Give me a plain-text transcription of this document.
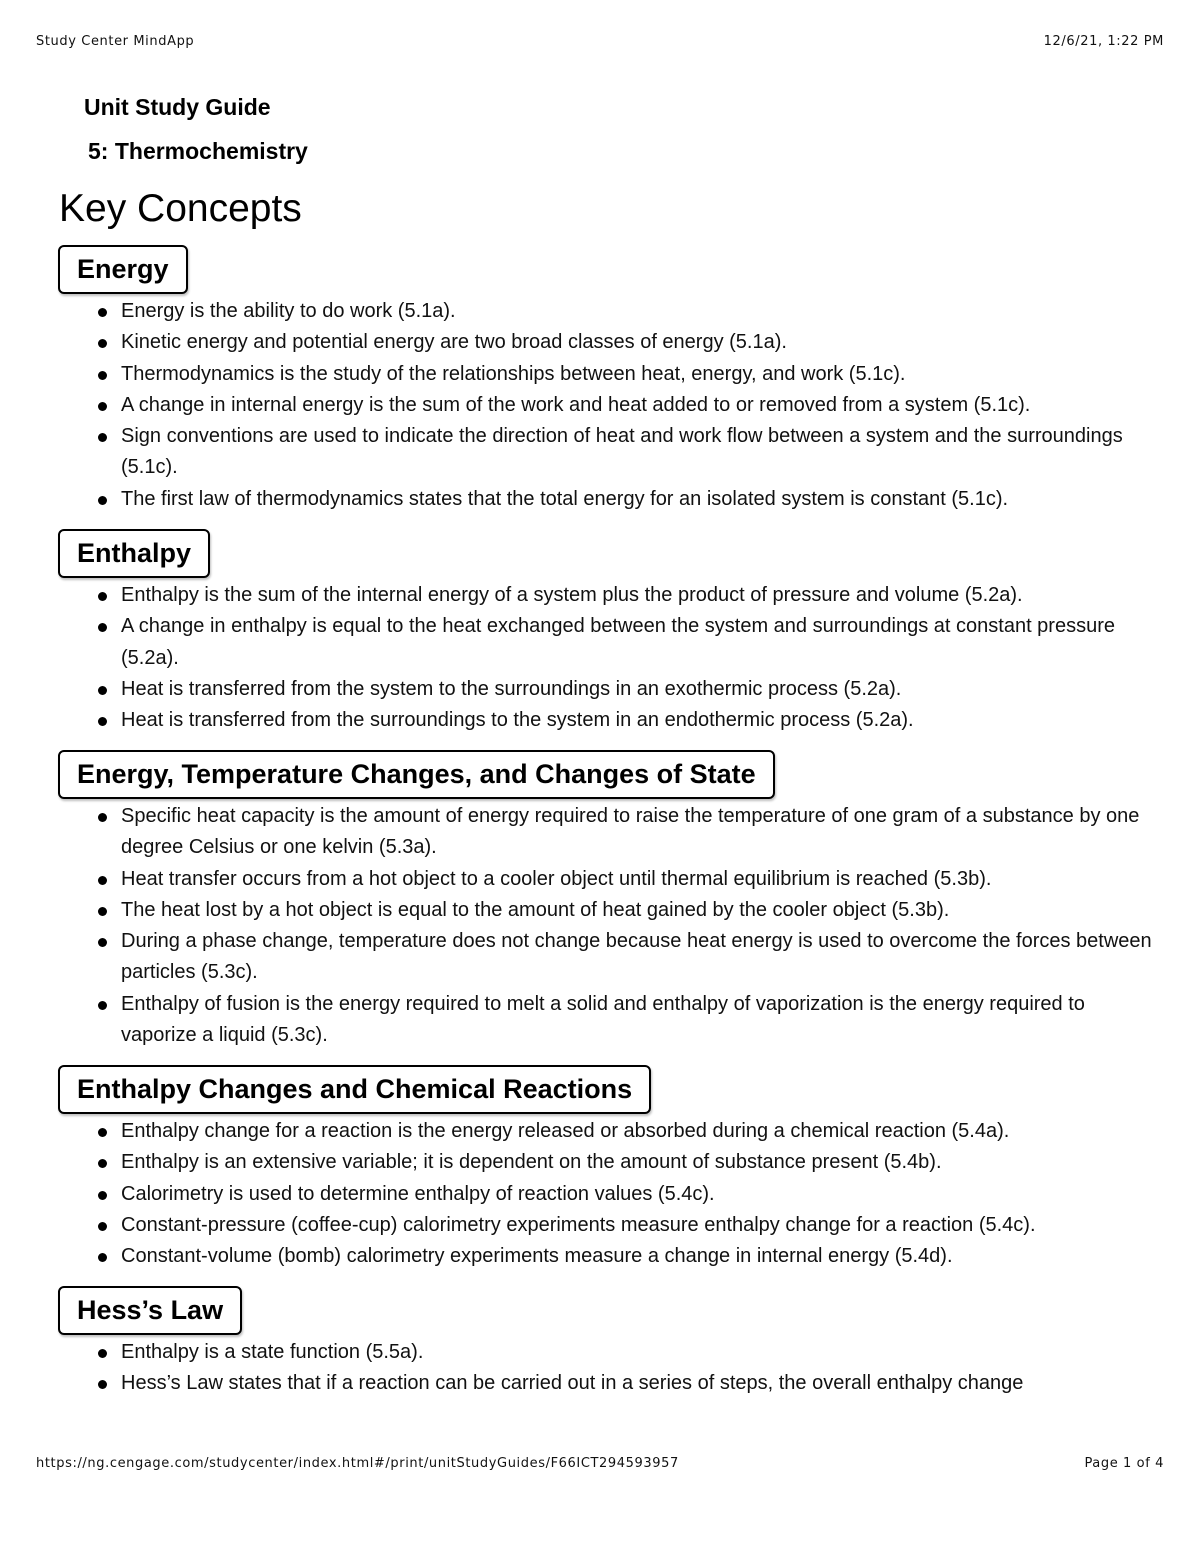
Study Center MindApp	12/6/21, 1:22 PM
Unit Study Guide
5: Thermochemistry
Key Concepts
Energy
Energy is the ability to do work (5.1a).
Kinetic energy and potential energy are two broad classes of energy (5.1a).
Thermodynamics is the study of the relationships between heat, energy, and work (5.1c).
A change in internal energy is the sum of the work and heat added to or removed from a system (5.1c).
Sign conventions are used to indicate the direction of heat and work flow between a system and the surroundings (5.1c).
The first law of thermodynamics states that the total energy for an isolated system is constant (5.1c).
Enthalpy
Enthalpy is the sum of the internal energy of a system plus the product of pressure and volume (5.2a).
A change in enthalpy is equal to the heat exchanged between the system and surroundings at constant pressure (5.2a).
Heat is transferred from the system to the surroundings in an exothermic process (5.2a).
Heat is transferred from the surroundings to the system in an endothermic process (5.2a).
Energy, Temperature Changes, and Changes of State
Specific heat capacity is the amount of energy required to raise the temperature of one gram of a substance by one degree Celsius or one kelvin (5.3a).
Heat transfer occurs from a hot object to a cooler object until thermal equilibrium is reached (5.3b).
The heat lost by a hot object is equal to the amount of heat gained by the cooler object (5.3b).
During a phase change, temperature does not change because heat energy is used to overcome the forces between particles (5.3c).
Enthalpy of fusion is the energy required to melt a solid and enthalpy of vaporization is the energy required to vaporize a liquid (5.3c).
Enthalpy Changes and Chemical Reactions
Enthalpy change for a reaction is the energy released or absorbed during a chemical reaction (5.4a).
Enthalpy is an extensive variable; it is dependent on the amount of substance present (5.4b).
Calorimetry is used to determine enthalpy of reaction values (5.4c).
Constant-pressure (coffee-cup) calorimetry experiments measure enthalpy change for a reaction (5.4c).
Constant-volume (bomb) calorimetry experiments measure a change in internal energy (5.4d).
Hess’s Law
Enthalpy is a state function (5.5a).
Hess’s Law states that if a reaction can be carried out in a series of steps, the overall enthalpy change
https://ng.cengage.com/studycenter/index.html#/print/unitStudyGuides/F66ICT294593957	Page 1 of 4
